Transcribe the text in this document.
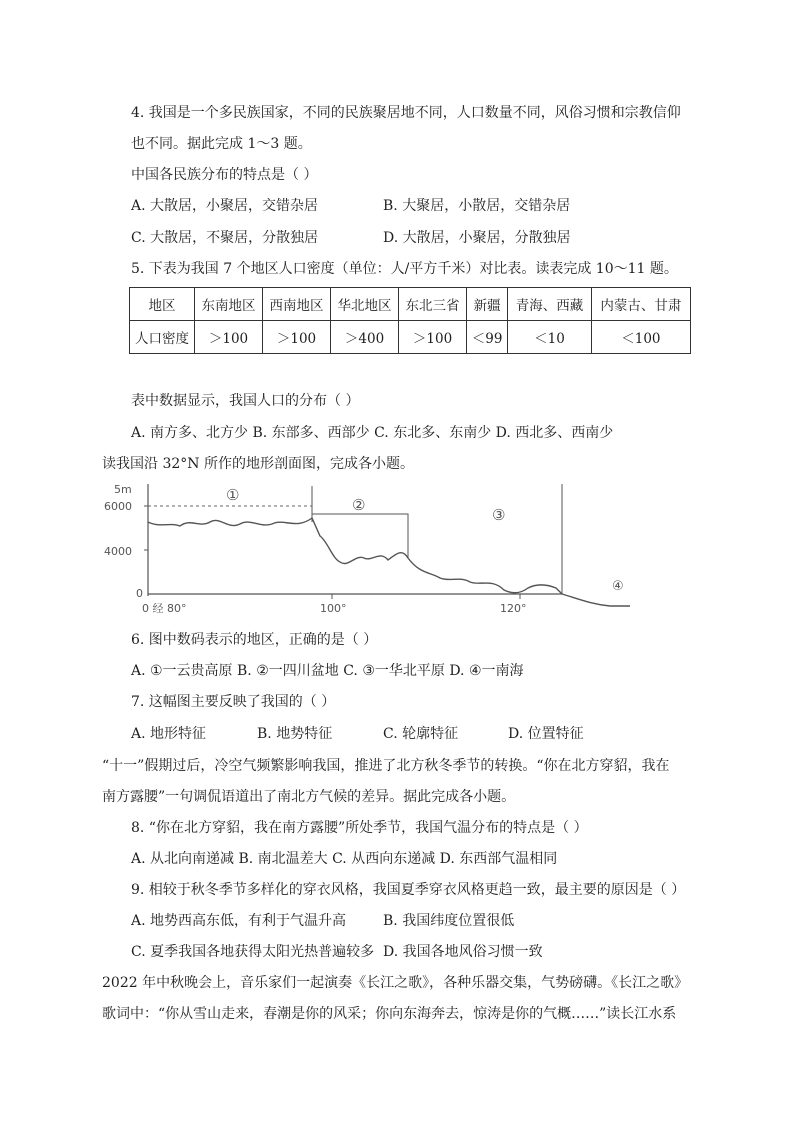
4. 我国是一个多民族国家，不同的民族聚居地不同，人口数量不同，风俗习惯和宗教信仰
也不同。据此完成 1～3 题。
中国各民族分布的特点是（ ）
A. 大散居，小聚居，交错杂居	B. 大聚居，小散居，交错杂居
C. 大散居，不聚居，分散独居	D. 大散居，小聚居，分散独居
5. 下表为我国 7 个地区人口密度（单位：人/平方千米）对比表。读表完成 10～11 题。
地区	东南地区	西南地区	华北地区	东北三省	新疆	青海、西藏	内蒙古、甘肃
人口密度	＞100	＞100	＞400	＞100	＜99	＜10	＜100
表中数据显示，我国人口的分布（ ）
A. 南方多、北方少 B. 东部多、西部少 C. 东北多、东南少 D. 西北多、西南少
读我国沿 32°N 所作的地形剖面图，完成各小题。
5m
6000
4000
0
0 经 80°	100°	120°
①
②
③
④
6. 图中数码表示的地区，正确的是（ ）
A. ①一云贵高原 B. ②一四川盆地 C. ③一华北平原 D. ④一南海
7. 这幅图主要反映了我国的（ ）
A. 地形特征	B. 地势特征	C. 轮廓特征	D. 位置特征
“十一”假期过后，冷空气频繁影响我国，推进了北方秋冬季节的转换。“你在北方穿貂，我在
南方露腰”一句调侃语道出了南北方气候的差异。据此完成各小题。
8. “你在北方穿貂，我在南方露腰”所处季节，我国气温分布的特点是（ ）
A. 从北向南递减 B. 南北温差大 C. 从西向东递减 D. 东西部气温相同
9. 相较于秋冬季节多样化的穿衣风格，我国夏季穿衣风格更趋一致，最主要的原因是（ ）
A. 地势西高东低，有利于气温升高	B. 我国纬度位置很低
C. 夏季我国各地获得太阳光热普遍较多 D. 我国各地风俗习惯一致
2022 年中秋晚会上，音乐家们一起演奏《长江之歌》，各种乐器交集，气势磅礴。《长江之歌》
歌词中：“你从雪山走来，春潮是你的风采；你向东海奔去，惊涛是你的气概……”读长江水系
